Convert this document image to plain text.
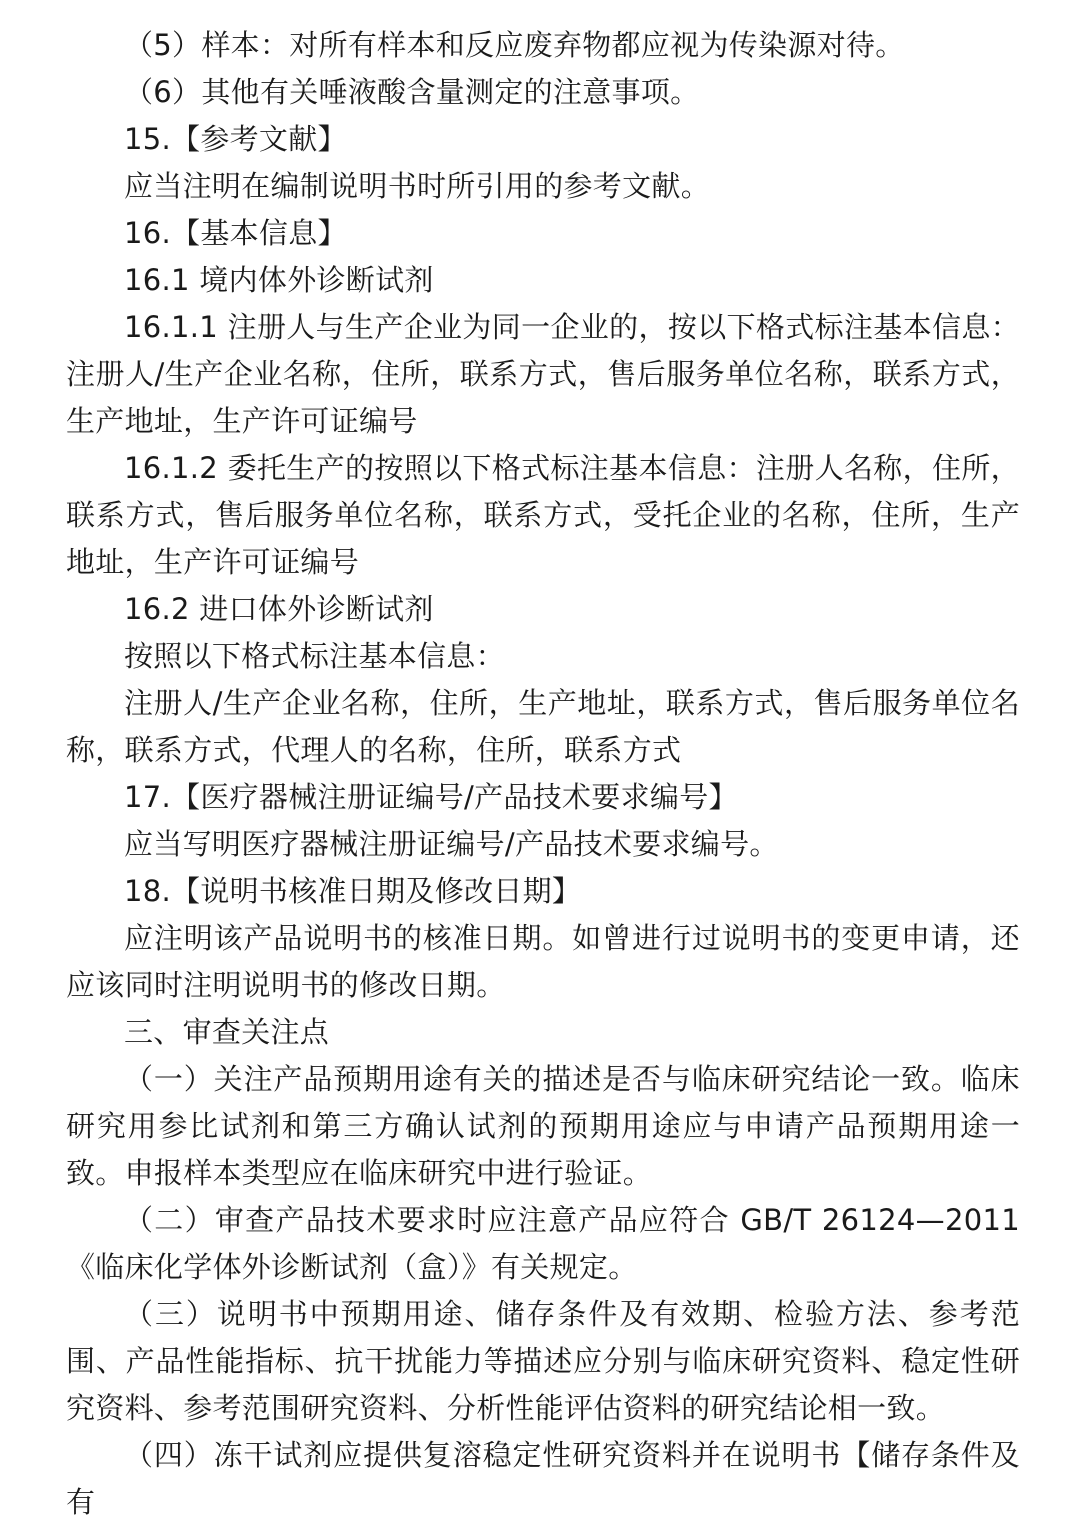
（5）样本：对所有样本和反应废弃物都应视为传染源对待。

（6）其他有关唾液酸含量测定的注意事项。

15.【参考文献】

应当注明在编制说明书时所引用的参考文献。

16.【基本信息】

16.1 境内体外诊断试剂

16.1.1 注册人与生产企业为同一企业的，按以下格式标注基本信息：注册人/生产企业名称，住所，联系方式，售后服务单位名称，联系方式，生产地址，生产许可证编号

16.1.2 委托生产的按照以下格式标注基本信息：注册人名称，住所，联系方式，售后服务单位名称，联系方式，受托企业的名称，住所，生产地址，生产许可证编号

16.2 进口体外诊断试剂

按照以下格式标注基本信息：

注册人/生产企业名称，住所，生产地址，联系方式，售后服务单位名称，联系方式，代理人的名称，住所，联系方式

17.【医疗器械注册证编号/产品技术要求编号】

应当写明医疗器械注册证编号/产品技术要求编号。

18.【说明书核准日期及修改日期】

应注明该产品说明书的核准日期。如曾进行过说明书的变更申请，还应该同时注明说明书的修改日期。

三、审查关注点

（一）关注产品预期用途有关的描述是否与临床研究结论一致。临床研究用参比试剂和第三方确认试剂的预期用途应与申请产品预期用途一致。申报样本类型应在临床研究中进行验证。

（二）审查产品技术要求时应注意产品应符合 GB/T 26124—2011《临床化学体外诊断试剂（盒）》有关规定。

（三）说明书中预期用途、储存条件及有效期、检验方法、参考范围、产品性能指标、抗干扰能力等描述应分别与临床研究资料、稳定性研究资料、参考范围研究资料、分析性能评估资料的研究结论相一致。

（四）冻干试剂应提供复溶稳定性研究资料并在说明书【储存条件及有
